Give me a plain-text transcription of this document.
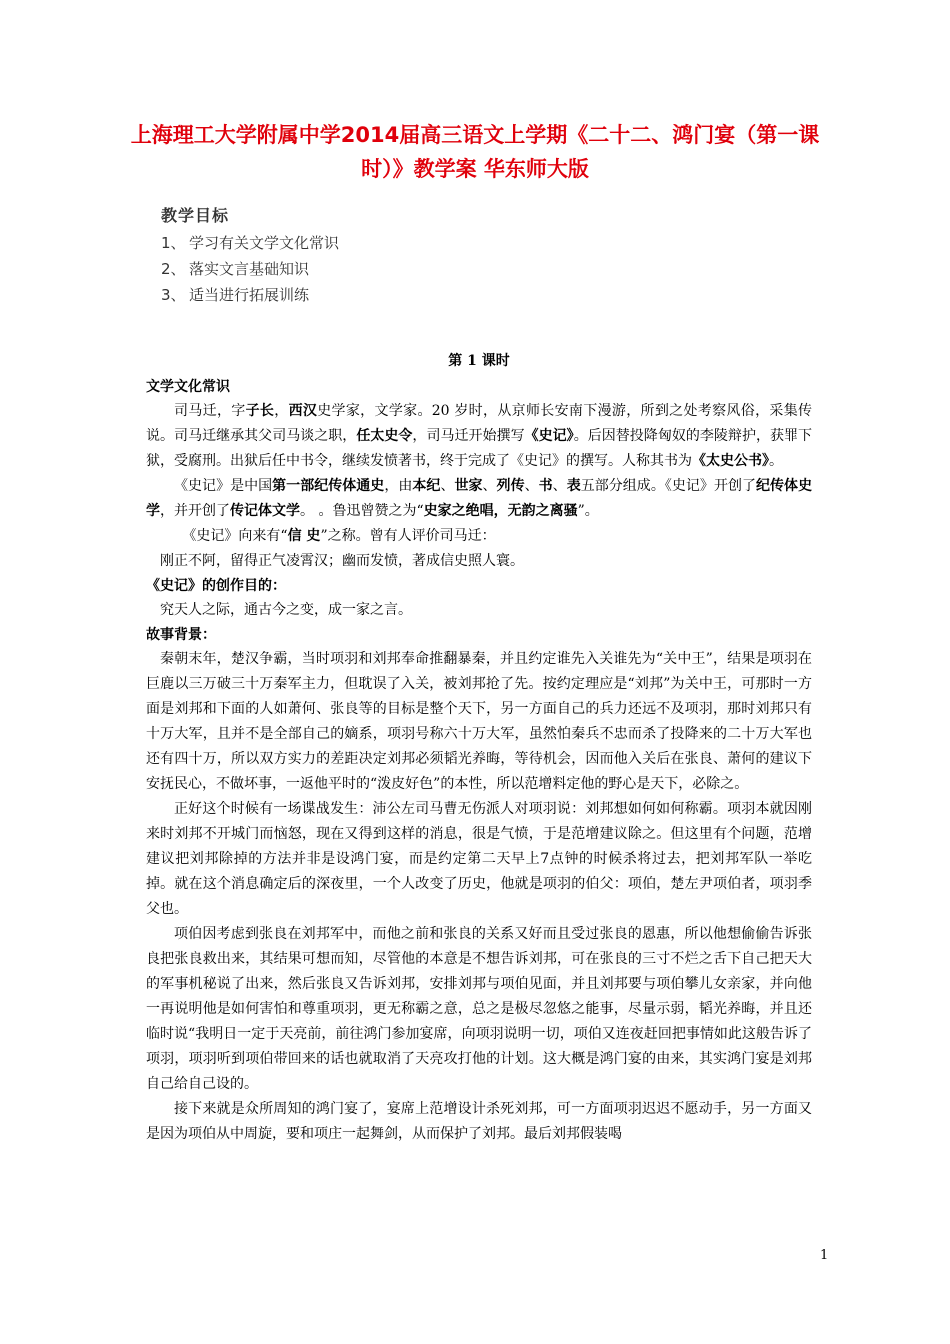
上海理工大学附属中学2014届高三语文上学期《二十二、鸿门宴（第一课时）》教学案 华东师大版
教学目标
1、 学习有关文学文化常识
2、 落实文言基础知识
3、 适当进行拓展训练
第 1 课时
文学文化常识

司马迁，字子长，西汉史学家，文学家。20 岁时，从京师长安南下漫游，所到之处考察风俗，采集传说。司马迁继承其父司马谈之职，任太史令，司马迁开始撰写《史记》。后因替投降匈奴的李陵辩护，获罪下狱，受腐刑。出狱后任中书令，继续发愤著书，终于完成了《史记》的撰写。人称其书为《太史公书》。

《史记》是中国第一部纪传体通史，由本纪、世家、列传、书、表五部分组成。《史记》开创了纪传体史学，并开创了传记体文学。 。鲁迅曾赞之为“史家之绝唱，无韵之离骚”。

《史记》向来有“信 史”之称。曾有人评价司马迁：

刚正不阿，留得正气凌霄汉；幽而发愤，著成信史照人寰。

《史记》的创作目的：

究天人之际，通古今之变，成一家之言。

故事背景：

秦朝末年，楚汉争霸，当时项羽和刘邦奉命推翻暴秦，并且约定谁先入关谁先为“关中王”，结果是项羽在巨鹿以三万破三十万秦军主力，但耽误了入关，被刘邦抢了先。按约定理应是“刘邦”为关中王，可那时一方面是刘邦和下面的人如萧何、张良等的目标是整个天下，另一方面自己的兵力还远不及项羽，那时刘邦只有十万大军，且并不是全部自己的嫡系，项羽号称六十万大军，虽然怕秦兵不忠而杀了投降来的二十万大军也还有四十万，所以双方实力的差距决定刘邦必须韬光养晦，等待机会，因而他入关后在张良、萧何的建议下安抚民心，不做坏事，一返他平时的“泼皮好色”的本性，所以范增料定他的野心是天下，必除之。

正好这个时候有一场谍战发生：沛公左司马曹无伤派人对项羽说：刘邦想如何如何称霸。项羽本就因刚来时刘邦不开城门而恼怒，现在又得到这样的消息，很是气愤，于是范增建议除之。但这里有个问题，范增建议把刘邦除掉的方法并非是设鸿门宴，而是约定第二天早上7点钟的时候杀将过去，把刘邦军队一举吃掉。就在这个消息确定后的深夜里，一个人改变了历史，他就是项羽的伯父：项伯，楚左尹项伯者，项羽季父也。

项伯因考虑到张良在刘邦军中，而他之前和张良的关系又好而且受过张良的恩惠，所以他想偷偷告诉张良把张良救出来，其结果可想而知，尽管他的本意是不想告诉刘邦，可在张良的三寸不烂之舌下自己把天大的军事机秘说了出来，然后张良又告诉刘邦，安排刘邦与项伯见面，并且刘邦要与项伯攀儿女亲家，并向他一再说明他是如何害怕和尊重项羽，更无称霸之意，总之是极尽忽悠之能事，尽量示弱，韬光养晦，并且还临时说“我明日一定于天亮前，前往鸿门参加宴席，向项羽说明一切，项伯又连夜赶回把事情如此这般告诉了项羽，项羽听到项伯带回来的话也就取消了天亮攻打他的计划。这大概是鸿门宴的由来，其实鸿门宴是刘邦自己给自己设的。

接下来就是众所周知的鸿门宴了，宴席上范增设计杀死刘邦，可一方面项羽迟迟不愿动手，另一方面又是因为项伯从中周旋，要和项庄一起舞剑，从而保护了刘邦。最后刘邦假装喝

1
